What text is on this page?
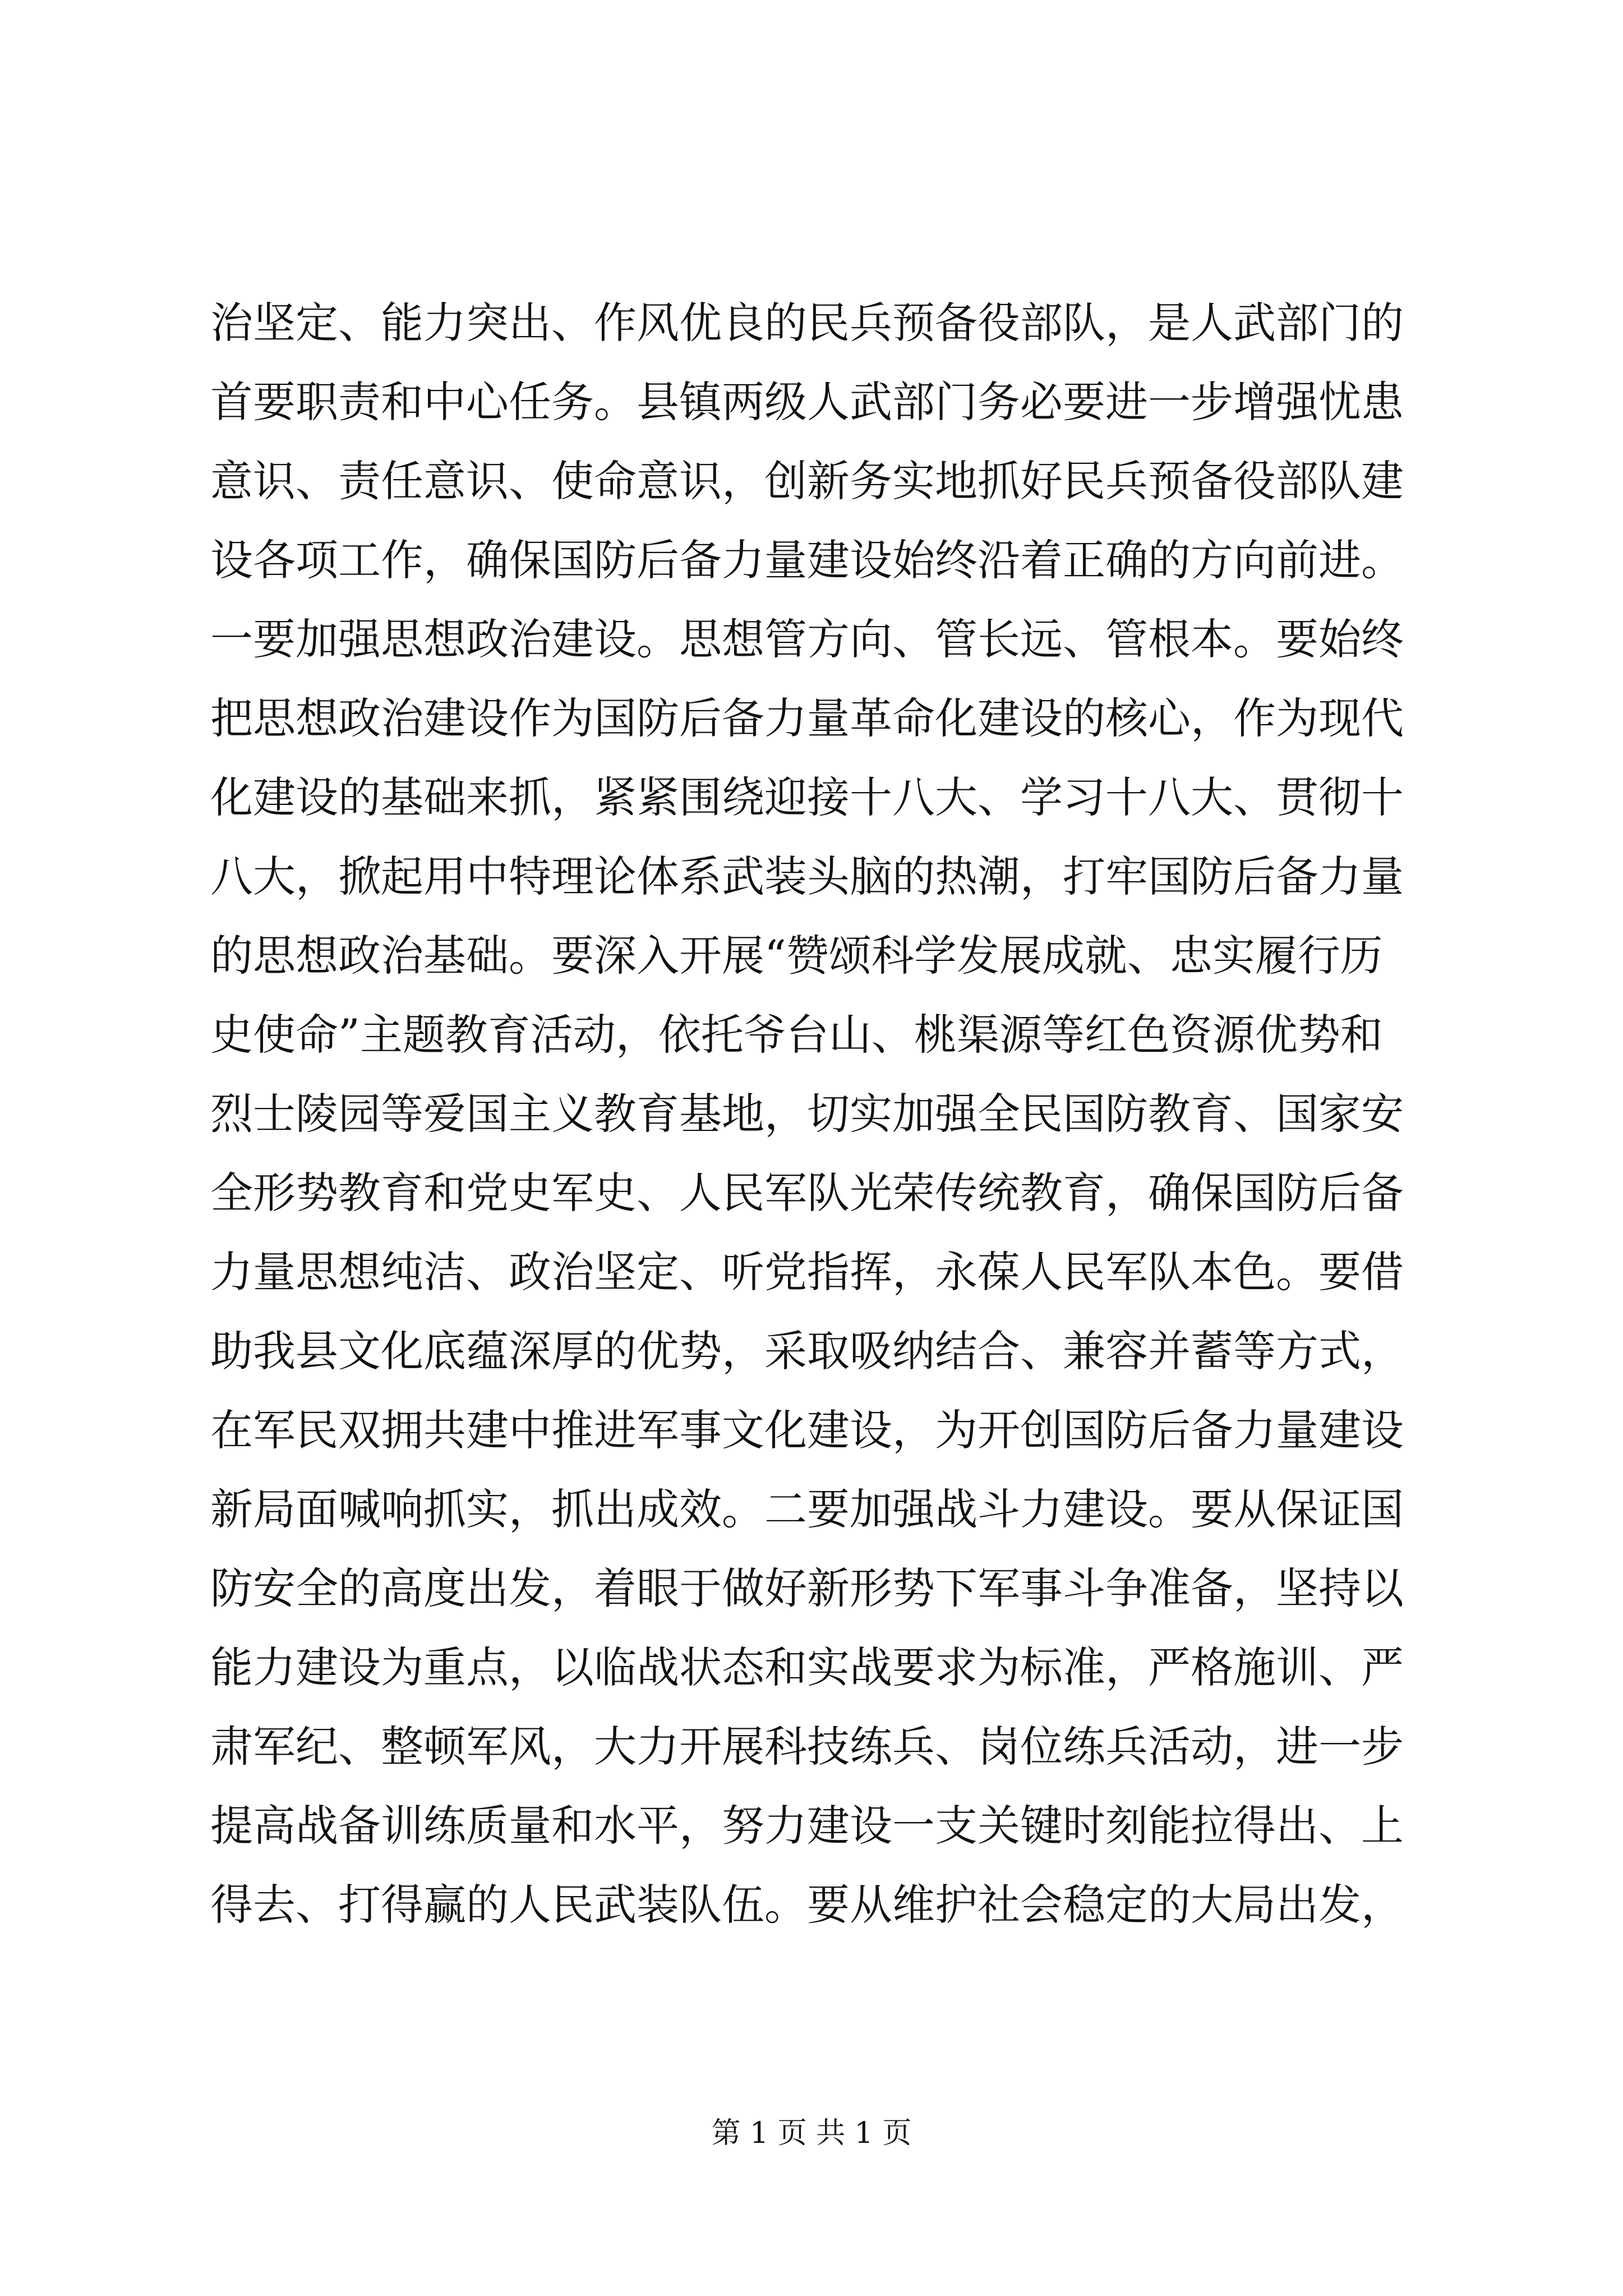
治坚定、能力突出、作风优良的民兵预备役部队，是人武部门的
首要职责和中心任务。县镇两级人武部门务必要进一步增强忧患
意识、责任意识、使命意识，创新务实地抓好民兵预备役部队建
设各项工作，确保国防后备力量建设始终沿着正确的方向前进。
一要加强思想政治建设。思想管方向、管长远、管根本。要始终
把思想政治建设作为国防后备力量革命化建设的核心，作为现代
化建设的基础来抓，紧紧围绕迎接十八大、学习十八大、贯彻十
八大，掀起用中特理论体系武装头脑的热潮，打牢国防后备力量
的思想政治基础。要深入开展“赞颂科学发展成就、忠实履行历
史使命”主题教育活动，依托爷台山、桃渠源等红色资源优势和
烈士陵园等爱国主义教育基地，切实加强全民国防教育、国家安
全形势教育和党史军史、人民军队光荣传统教育，确保国防后备
力量思想纯洁、政治坚定、听党指挥，永葆人民军队本色。要借
助我县文化底蕴深厚的优势，采取吸纳结合、兼容并蓄等方式，
在军民双拥共建中推进军事文化建设，为开创国防后备力量建设
新局面喊响抓实，抓出成效。二要加强战斗力建设。要从保证国
防安全的高度出发，着眼于做好新形势下军事斗争准备，坚持以
能力建设为重点，以临战状态和实战要求为标准，严格施训、严
肃军纪、整顿军风，大力开展科技练兵、岗位练兵活动，进一步
提高战备训练质量和水平，努力建设一支关键时刻能拉得出、上
得去、打得赢的人民武装队伍。要从维护社会稳定的大局出发，
第 1 页 共 1 页
